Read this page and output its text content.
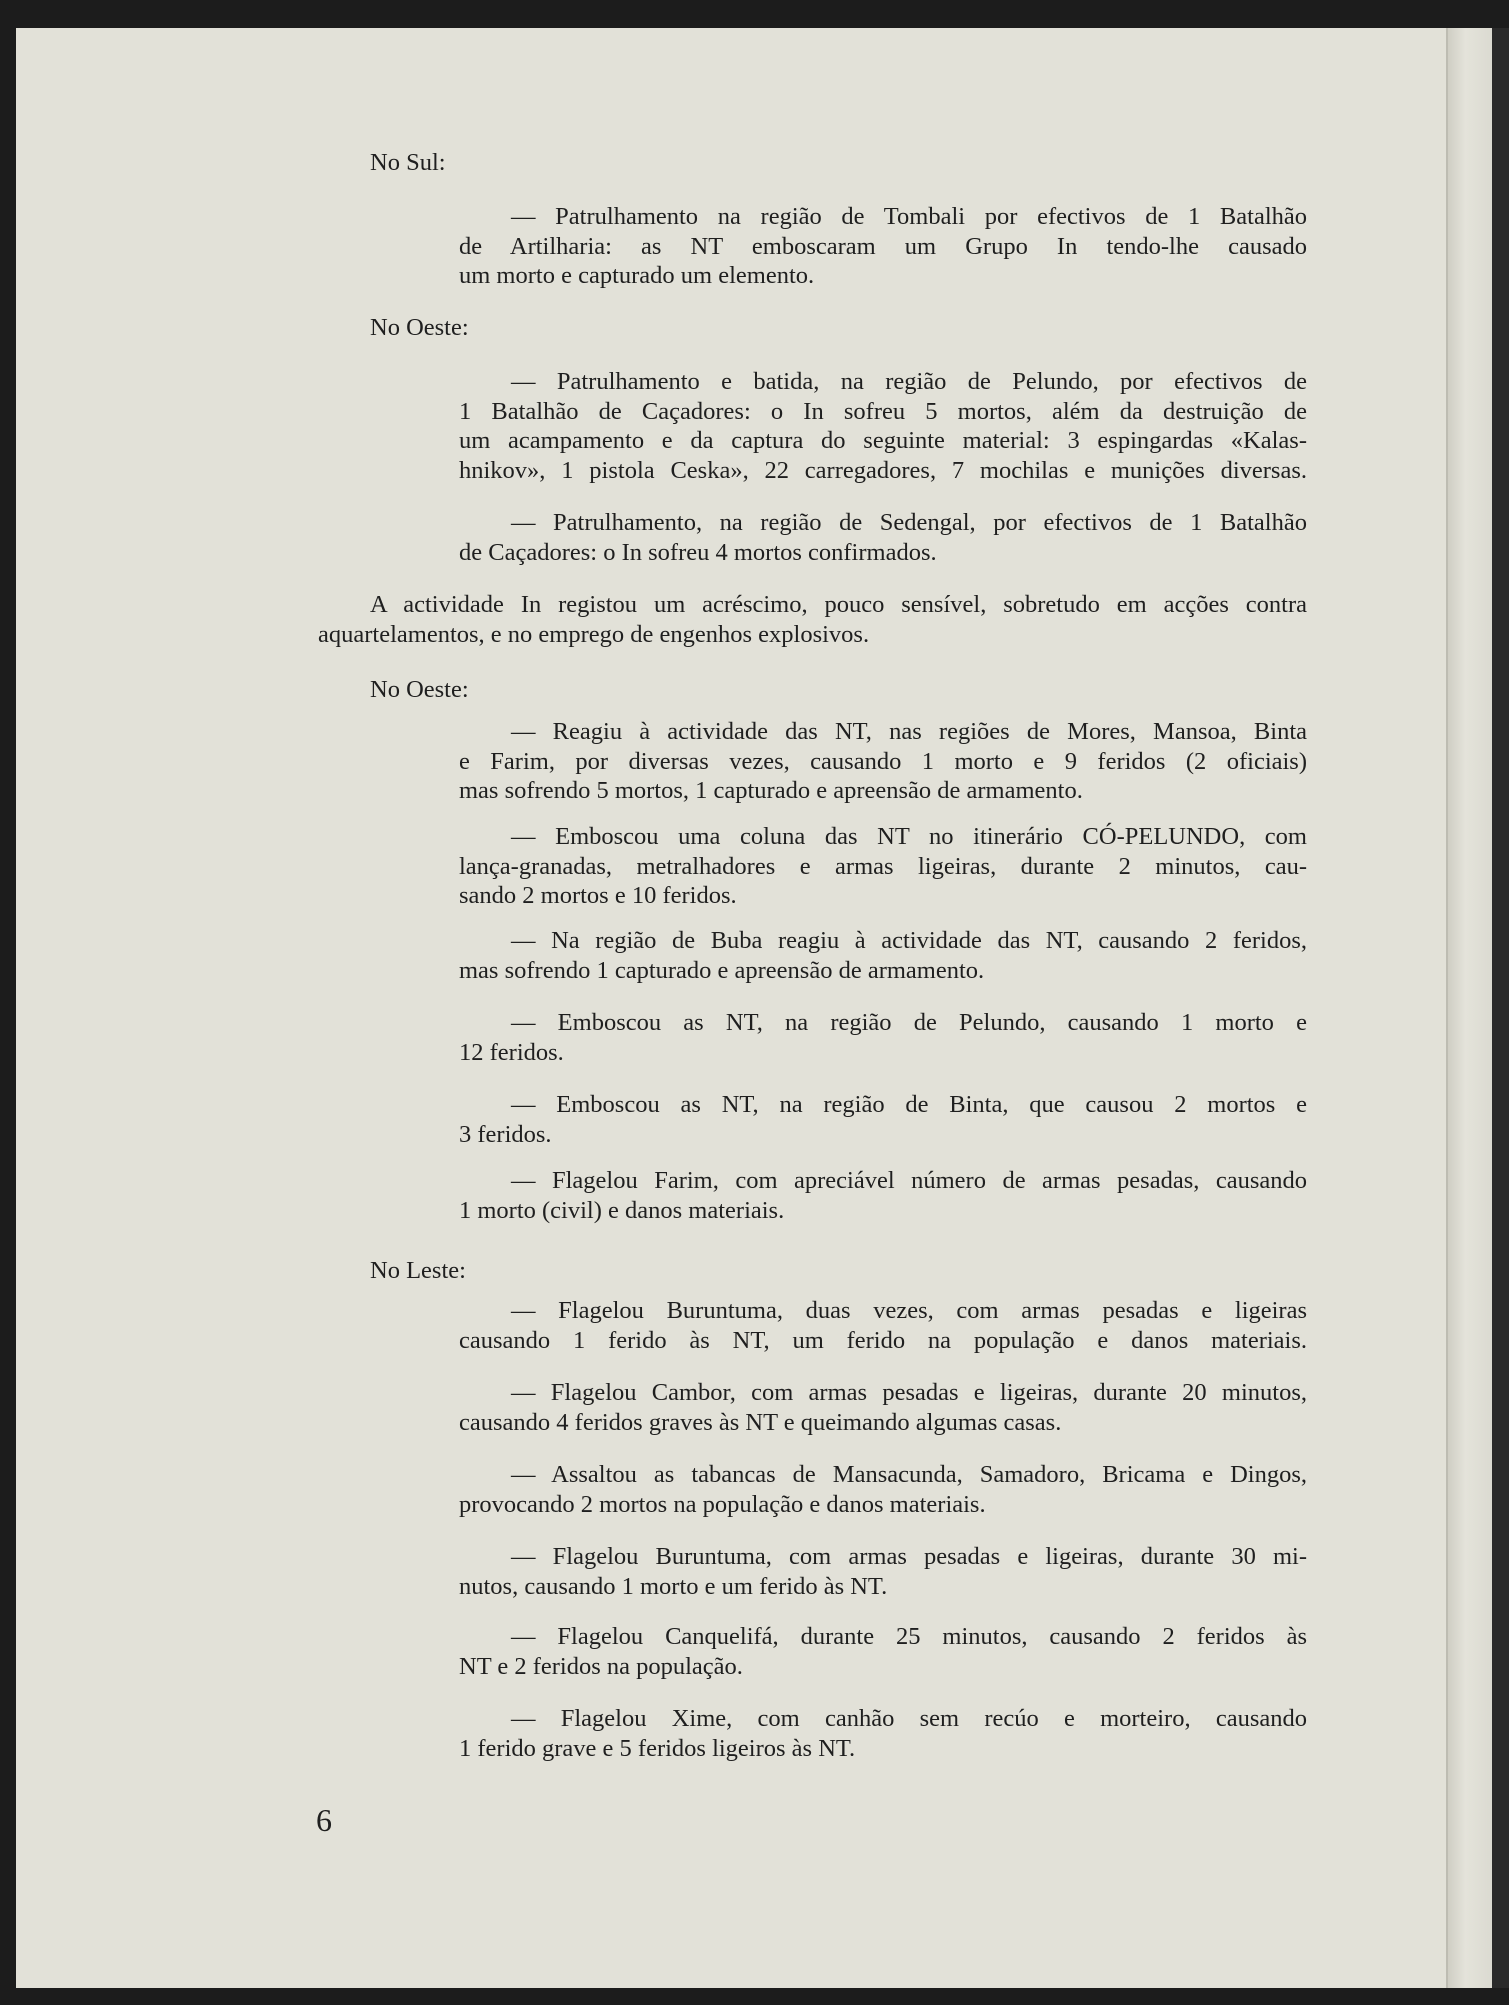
No Sul:
— Patrulhamento na região de Tombali por efectivos de 1 Batalhão
de Artilharia: as NT emboscaram um Grupo In tendo-lhe causado
um morto e capturado um elemento.
No Oeste:
— Patrulhamento e batida, na região de Pelundo, por efectivos de
1 Batalhão de Caçadores: o In sofreu 5 mortos, além da destruição de
um acampamento e da captura do seguinte material: 3 espingardas «Kalas-
hnikov», 1 pistola Ceska», 22 carregadores, 7 mochilas e munições diversas.
— Patrulhamento, na região de Sedengal, por efectivos de 1 Batalhão
de Caçadores: o In sofreu 4 mortos confirmados.
A actividade In registou um acréscimo, pouco sensível, sobretudo em acções contra
aquartelamentos, e no emprego de engenhos explosivos.
No Oeste:
— Reagiu à actividade das NT, nas regiões de Mores, Mansoa, Binta
e Farim, por diversas vezes, causando 1 morto e 9 feridos (2 oficiais)
mas sofrendo 5 mortos, 1 capturado e apreensão de armamento.
— Emboscou uma coluna das NT no itinerário CÓ-PELUNDO, com
lança-granadas, metralhadores e armas ligeiras, durante 2 minutos, cau-
sando 2 mortos e 10 feridos.
— Na região de Buba reagiu à actividade das NT, causando 2 feridos,
mas sofrendo 1 capturado e apreensão de armamento.
— Emboscou as NT, na região de Pelundo, causando 1 morto e
12 feridos.
— Emboscou as NT, na região de Binta, que causou 2 mortos e
3 feridos.
— Flagelou Farim, com apreciável número de armas pesadas, causando
1 morto (civil) e danos materiais.
No Leste:
— Flagelou Buruntuma, duas vezes, com armas pesadas e ligeiras
causando 1 ferido às NT, um ferido na população e danos materiais.
— Flagelou Cambor, com armas pesadas e ligeiras, durante 20 minutos,
causando 4 feridos graves às NT e queimando algumas casas.
— Assaltou as tabancas de Mansacunda, Samadoro, Bricama e Dingos,
provocando 2 mortos na população e danos materiais.
— Flagelou Buruntuma, com armas pesadas e ligeiras, durante 30 mi-
nutos, causando 1 morto e um ferido às NT.
— Flagelou Canquelifá, durante 25 minutos, causando 2 feridos às
NT e 2 feridos na população.
— Flagelou Xime, com canhão sem recúo e morteiro, causando
1 ferido grave e 5 feridos ligeiros às NT.
6
